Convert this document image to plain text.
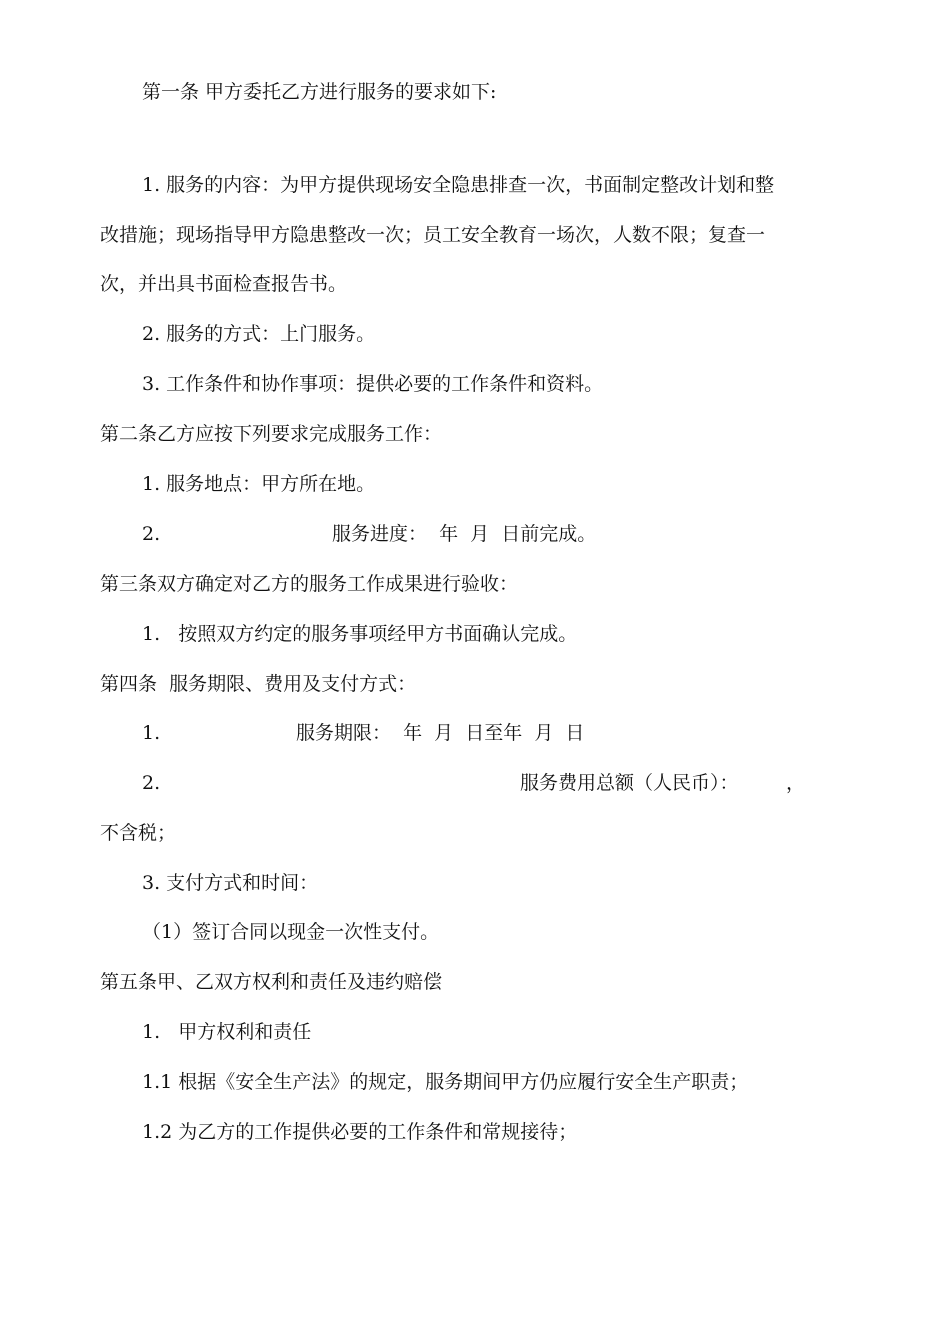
第一条 甲方委托乙方进行服务的要求如下:
1. 服务的内容：为甲方提供现场安全隐患排查一次，书面制定整改计划和整
改措施；现场指导甲方隐患整改一次；员工安全教育一场次，人数不限；复查一
次，并出具书面检查报告书。
2. 服务的方式：上门服务。
3. 工作条件和协作事项：提供必要的工作条件和资料。
第二条乙方应按下列要求完成服务工作：
1. 服务地点：甲方所在地。
2.	服务进度：  年  月  日前完成。
第三条双方确定对乙方的服务工作成果进行验收：
1.   按照双方约定的服务事项经甲方书面确认完成。
第四条  服务期限、费用及支付方式：
1.	服务期限：  年  月  日至年  月  日
2.	服务费用总额（人民币）： ，
不含税；
3. 支付方式和时间：
（1）签订合同以现金一次性支付。
第五条甲、乙双方权利和责任及违约赔偿
1.   甲方权利和责任
1.1 根据《安全生产法》的规定，服务期间甲方仍应履行安全生产职责；
1.2 为乙方的工作提供必要的工作条件和常规接待；
